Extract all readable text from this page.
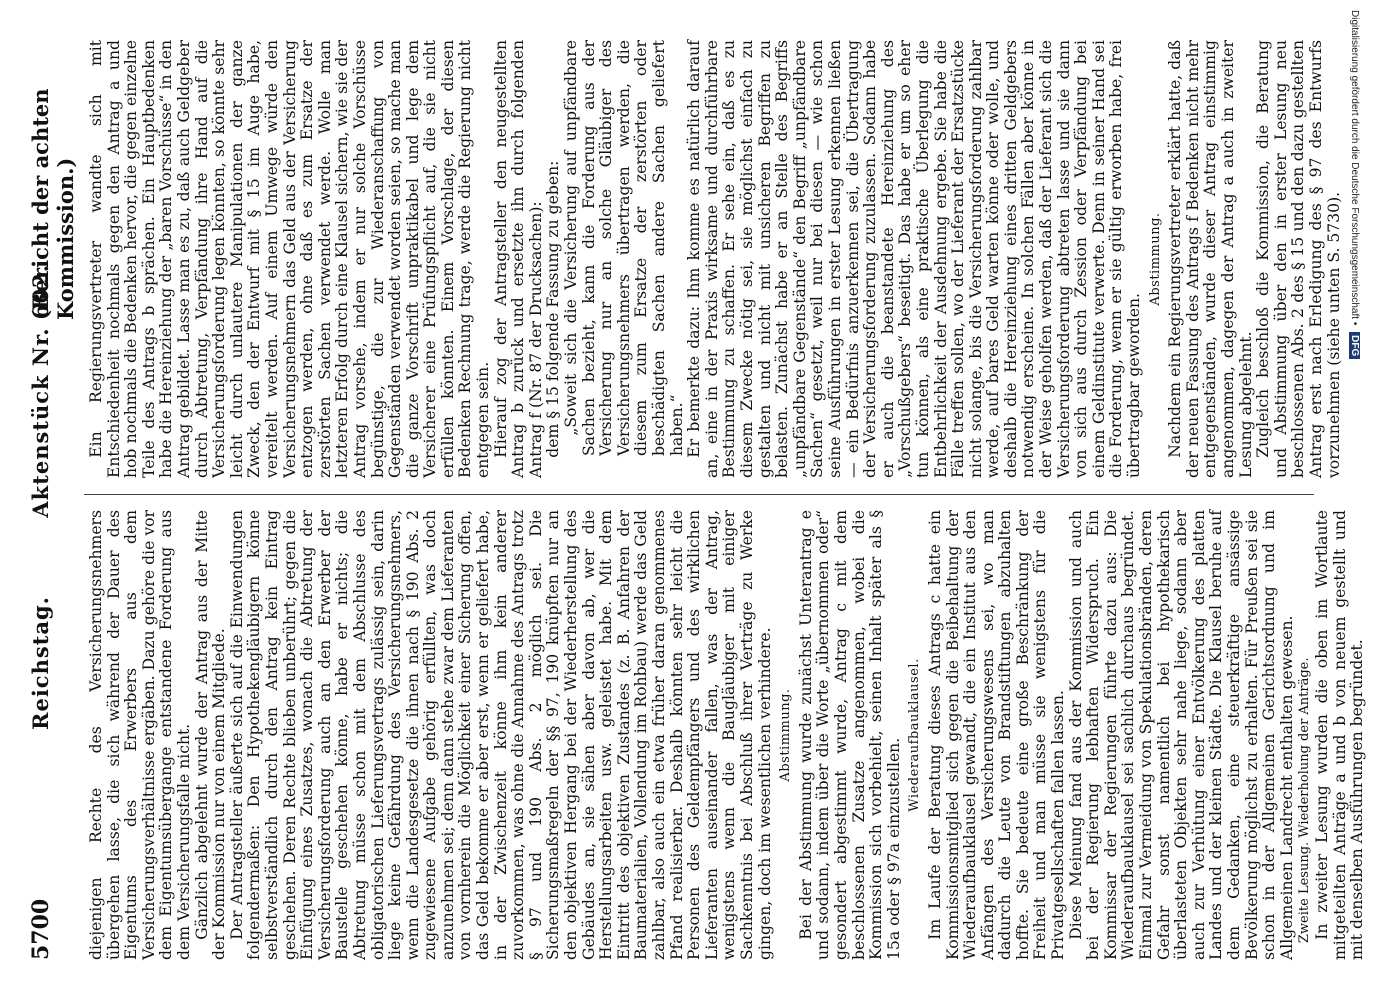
5700
Reichstag. Aktenstück Nr. 602.
(Bericht der achten Kommission.)

diejenigen Rechte des Versicherungsnehmers übergehen lasse, die sich während der Dauer des Eigentums des Erwerbers aus dem Versicherungsverhältnisse ergäben. Dazu gehöre die vor dem Eigentumsübergange entstandene Forderung aus dem Versicherungsfalle nicht. Gänzlich abgelehnt wurde der Antrag aus der Mitte der Kommission nur von einem Mitgliede. Der Antragsteller äußerte sich auf die Einwendungen folgendermaßen: Den Hypothekengläubigern könne selbstverständlich durch den Antrag kein Eintrag geschehen. Deren Rechte blieben unberührt; gegen die Einfügung eines Zusatzes, wonach die Abtretung der Versicherungsforderung auch an den Erwerber der Baustelle geschehen könne, habe er nichts; die Abtretung müsse schon mit dem Abschlusse des obligatorischen Lieferungsvertrags zulässig sein, darin liege keine Gefährdung des Versicherungsnehmers, wenn die Landesgesetze die ihnen nach § 190 Abs. 2 zugewiesene Aufgabe gehörig erfüllten, was doch anzunehmen sei; denn dann stehe zwar dem Lieferanten von vornherein die Möglichkeit einer Sicherung offen, das Geld bekomme er aber erst, wenn er geliefert habe, in der Zwischenzeit könne ihm kein anderer zuvorkommen, was ohne die Annahme des Antrags trotz § 97 und 190 Abs. 2 möglich sei. Die Sicherungsmaßregeln der §§ 97, 190 knüpften nur an den objektiven Hergang bei der Wiederherstellung des Gebäudes an, sie sähen aber davon ab, wer die Herstellungsarbeiten usw. geleistet habe. Mit dem Eintritt des objektiven Zustandes (z. B. Anfahren der Baumaterialien, Vollendung im Rohbau) werde das Geld zahlbar, also auch ein etwa früher daran genommenes Pfand realisierbar. Deshalb könnten sehr leicht die Personen des Geldempfängers und des wirklichen Lieferanten auseinander fallen, was der Antrag, wenigstens wenn die Baugläubiger mit einiger Sachkenntnis bei Abschluß ihrer Verträge zu Werke gingen, doch im wesentlichen verhindere. Abstimmung. Bei der Abstimmung wurde zunächst Unterantrag e und sodann, indem über die Worte „übernommen oder“ gesondert abgestimmt wurde, Antrag c mit dem beschlossenen Zusatze angenommen, wobei die Kommission sich vorbehielt, seinen Inhalt später als § 15a oder § 97a einzustellen.

Wiederaufbauklausel. Im Laufe der Beratung dieses Antrags c hatte ein Kommissionsmitglied sich gegen die Beibehaltung der Wiederaufbauklausel gewandt, die ein Institut aus den Anfängen des Versicherungswesens sei, wo man dadurch die Leute von Brandstiftungen abzuhalten hoffte. Sie bedeute eine große Beschränkung der Freiheit und man müsse sie wenigstens für die Privatgesellschaften fallen lassen. Diese Meinung fand aus der Kommission und auch bei der Regierung lebhaften Widerspruch. Ein Kommissar der Regierungen führte dazu aus: Die Wiederaufbauklausel sei sachlich durchaus begründet. Einmal zur Vermeidung von Spekulationsbränden, deren Gefahr sonst namentlich bei hypothekarisch überlasteten Objekten sehr nahe liege, sodann aber auch zur Verhütung einer Entvölkerung des platten Landes und der kleinen Städte. Die Klausel beruhe auf dem Gedanken, eine steuerkräftige ansässige Bevölkerung möglichst zu erhalten. Für Preußen sei sie schon in der Allgemeinen Gerichtsordnung und im Allgemeinen Landrecht enthalten gewesen. Zweite Lesung. Wiederholung der Anträge. In zweiter Lesung wurden die oben im Wortlaute mitgeteilten Anträge a und b von neuem gestellt und mit denselben Ausführungen begründet.

Ein Regierungsvertreter wandte sich mit Entschiedenheit nochmals gegen den Antrag a und hob nochmals die Bedenken hervor, die gegen einzelne Teile des Antrags b sprächen. Ein Hauptbedenken habe die Hereinziehung der „baren Vorschüsse“ in den Antrag gebildet. Lasse man es zu, daß auch Geldgeber durch Abtretung, Verpfändung ihre Hand auf die Versicherungsforderung legen könnten, so könnte sehr leicht durch unlautere Manipulationen der ganze Zweck, den der Entwurf mit § 15 im Auge habe, vereitelt werden. Auf einem Umwege würde den Versicherungsnehmern das Geld aus der Versicherung entzogen werden, ohne daß es zum Ersatze der zerstörten Sachen verwendet werde. Wolle man letzteren Erfolg durch eine Klausel sichern, wie sie der Antrag vorsehe, indem er nur solche Vorschüsse begünstige, die zur Wiederanschaffung von Gegenständen verwendet worden seien, so mache man die ganze Vorschrift unpraktikabel und lege dem Versicherer eine Prüfungspflicht auf, die sie nicht erfüllen könnten. Einem Vorschlage, der diesen Bedenken Rechnung trage, werde die Regierung nicht entgegen sein. Hierauf zog der Antragsteller den neugestellten Antrag b zurück und ersetzte ihn durch folgenden Antrag f (Nr. 87 der Drucksachen): dem § 15 folgende Fassung zu geben: „Soweit sich die Versicherung auf unpfändbare Sachen bezieht, kann die Forderung aus der Versicherung nur an solche Gläubiger des Versicherungsnehmers übertragen werden, die diesem zum Ersatze der zerstörten oder beschädigten Sachen andere Sachen geliefert haben.“ Er bemerkte dazu: Ihm komme es natürlich darauf an, eine in der Praxis wirksame und durchführbare Bestimmung zu schaffen. Er sehe ein, daß es zu diesem Zwecke nötig sei, sie möglichst einfach zu gestalten und nicht mit unsicheren Begriffen zu belasten. Zunächst habe er an Stelle des Begriffs „unpfändbare Gegenstände“ den Begriff „unpfändbare Sachen“ gesetzt, weil nur bei diesen — wie schon seine Ausführungen in erster Lesung erkennen ließen — ein Bedürfnis anzuerkennen sei, die Übertragung der Versicherungsforderung zuzulassen. Sodann habe er auch die beanstandete Hereinziehung des „Vorschußgebers“ beseitigt. Das habe er um so eher tun können, als eine praktische Überlegung die Entbehrlichkeit der Ausdehnung ergebe. Sie habe die Fälle treffen sollen, wo der Lieferant der Ersatzstücke nicht solange, bis die Versicherungsforderung zahlbar werde, auf bares Geld warten könne oder wolle, und deshalb die Hereinziehung eines dritten Geldgebers notwendig erscheine. In solchen Fällen aber könne in der Weise geholfen werden, daß der Lieferant sich die Versicherungsforderung abtreten lasse und sie dann von sich aus durch Zession oder Verpfändung bei einem Geldinstitute verwerte. Denn in seiner Hand sei die Forderung, wenn er sie gültig erworben habe, frei übertragbar geworden.

Abstimmung. Nachdem ein Regierungsvertreter erklärt hatte, daß der neuen Fassung des Antrags f Bedenken nicht mehr entgegenständen, wurde dieser Antrag einstimmig angenommen, dagegen der Antrag a auch in zweiter Lesung abgelehnt. Zugleich beschloß die Kommission, die Beratung und Abstimmung über den in erster Lesung neu beschlossenen Abs. 2 des § 15 und den dazu gestellten Antrag erst nach Erledigung des § 97 des Entwurfs vorzunehmen (siehe unten S. 5730).

Digitalisierung gefördert durch die Deutsche Forschungsgemeinschaft • DFG
